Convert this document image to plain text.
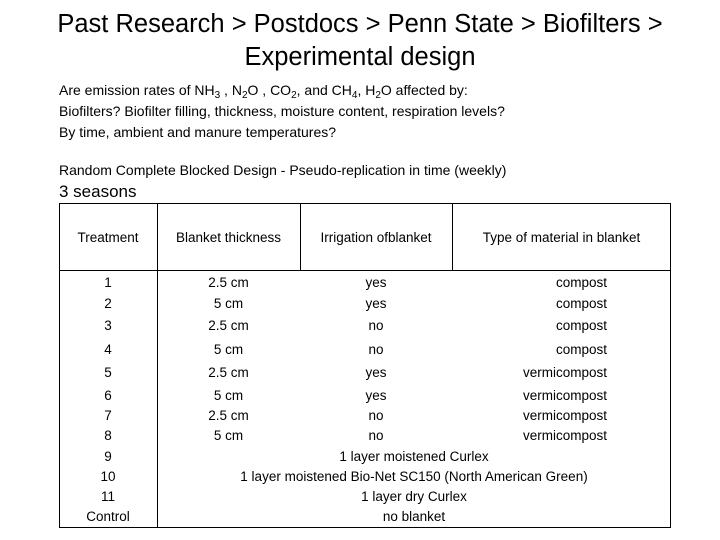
Past Research > Postdocs > Penn State > Biofilters >
Experimental design
Are emission rates of $NH_3$ , $N_2O$ , $CO_2$, and $CH_4$, $H_2O$ affected by:
Biofilters? Biofilter filling, thickness, moisture content, respiration levels?
By time, ambient and manure temperatures?
Random Complete Blocked Design - Pseudo-replication in time (weekly)
3 seasons
Treatment	Blanket thickness	Irrigation ofblanket	Type of material in blanket
1	2.5 cm	yes	compost
2	5 cm	yes	compost
3	2.5 cm	no	compost
4	5 cm	no	compost
5	2.5 cm	yes	vermicompost
6	5 cm	yes	vermicompost
7	2.5 cm	no	vermicompost
8	5 cm	no	vermicompost
9	1 layer moistened Curlex
10	1 layer moistened Bio-Net SC150 (North American Green)
11	1 layer dry Curlex
Control	no blanket
